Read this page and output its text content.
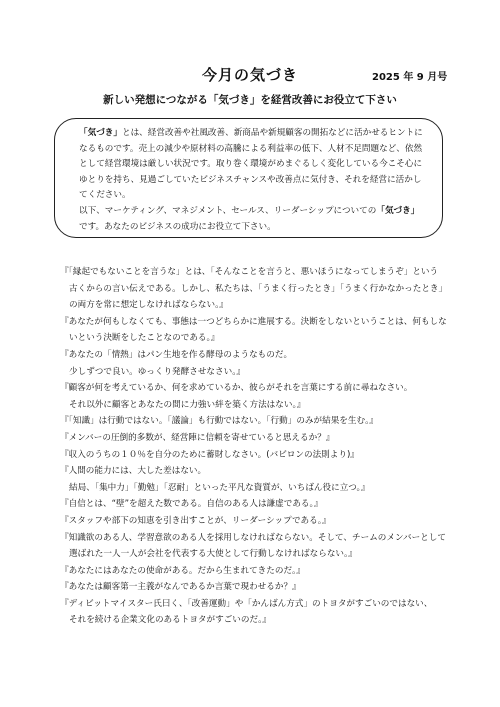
今月の気づき	2025 年 9 月号
新しい発想につながる「気づき」を経営改善にお役立て下さい

「気づき」とは、経営改善や社風改善、新商品や新規顧客の開拓などに活かせるヒントに
なるものです。売上の減少や原材料の高騰による利益率の低下、人材不足問題など、依然
として経営環境は厳しい状況です。取り巻く環境がめまぐるしく変化している今こそ心に
ゆとりを持ち、見過ごしていたビジネスチャンスや改善点に気付き、それを経営に活かし
てください。
以下、マーケティング、マネジメント、セールス、リーダーシップについての「気づき」
です。あなたのビジネスの成功にお役立て下さい。

『「縁起でもないことを言うな」とは、「そんなことを言うと、悪いほうになってしまうぞ」という
古くからの言い伝えである。しかし、私たちは、「うまく行ったとき」「うまく行かなかったとき」
の両方を常に想定しなければならない。』
『あなたが何もしなくても、事態は一つどちらかに進展する。決断をしないということは、何もしな
いという決断をしたことなのである。』
『あなたの「情熱」はパン生地を作る酵母のようなものだ。
少しずつで良い。ゆっくり発酵させなさい。』
『顧客が何を考えているか、何を求めているか、彼らがそれを言葉にする前に尋ねなさい。
それ以外に顧客とあなたの間に力強い絆を築く方法はない。』
『「知識」は行動ではない。「議論」も行動ではない。「行動」のみが結果を生む。』
『メンバーの圧倒的多数が、経営陣に信頼を寄せていると思えるか？』
『収入のうちの１０％を自分のために蓄財しなさい。(バビロンの法則より)』
『人間の能力には、大した差はない。
結局、「集中力」「勤勉」「忍耐」といった平凡な資質が、いちばん役に立つ。』
『自信とは、“壁”を超えた数である。自信のある人は謙虚である。』
『スタッフや部下の知恵を引き出すことが、リーダーシップである。』
『知識欲のある人、学習意欲のある人を採用しなければならない。そして、チームのメンバーとして
選ばれた一人一人が会社を代表する大使として行動しなければならない。』
『あなたにはあなたの使命がある。だから生まれてきたのだ。』
『あなたは顧客第一主義がなんであるか言葉で現わせるか？』
『ディビットマイスター氏曰く、「改善運動」や「かんばん方式」のトヨタがすごいのではない、
それを続ける企業文化のあるトヨタがすごいのだ。』
